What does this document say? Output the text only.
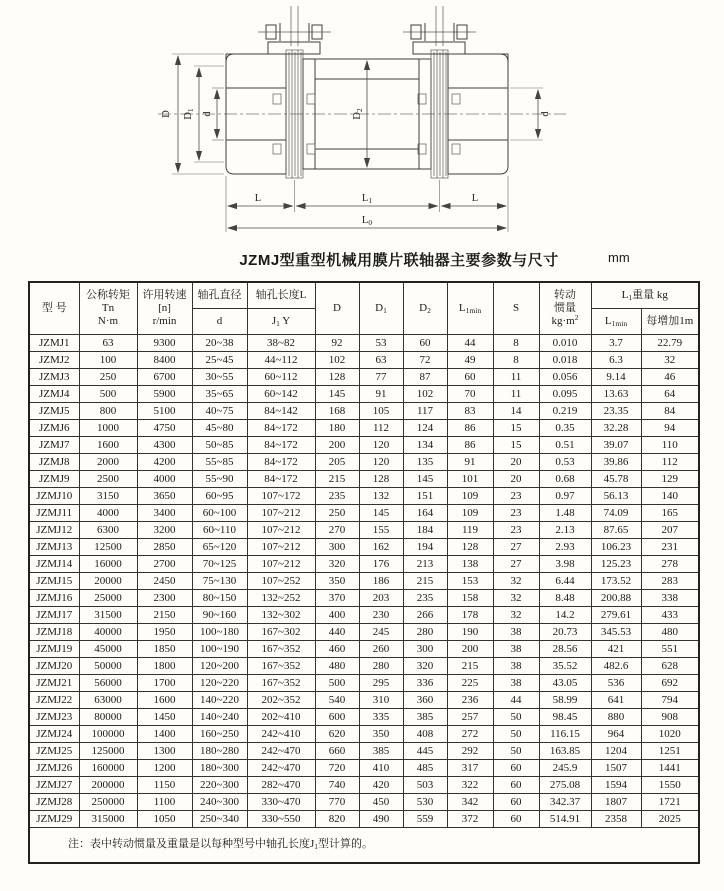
D D1
d	D2
d
L	L1	L
L0
JZMJ型重型机械用膜片联轴器主要参数与尺寸	mm
型 号	公称转矩
Tn
N·m	许用转速
[n]
r/min	轴孔直径	轴孔长度L	D	$D_1$	$D_2$	$L_{1min}$	S	转动
惯量
$kg\cdot m^2$	$L_1$重量 kg	
			d	$J_1$ Y							$L_{1min}$	每增加1m
JZMJ1	63	9300	20~38	38~82	92	53	60	44	8	0.010	3.7	22.79
JZMJ2	100	8400	25~45	44~112	102	63	72	49	8	0.018	6.3	32
JZMJ3	250	6700	30~55	60~112	128	77	87	60	11	0.056	9.14	46
JZMJ4	500	5900	35~65	60~142	145	91	102	70	11	0.095	13.63	64
JZMJ5	800	5100	40~75	84~142	168	105	117	83	14	0.219	23.35	84
JZMJ6	1000	4750	45~80	84~172	180	112	124	86	15	0.35	32.28	94
JZMJ7	1600	4300	50~85	84~172	200	120	134	86	15	0.51	39.07	110
JZMJ8	2000	4200	55~85	84~172	205	120	135	91	20	0.53	39.86	112
JZMJ9	2500	4000	55~90	84~172	215	128	145	101	20	0.68	45.78	129
JZMJ10	3150	3650	60~95	107~172	235	132	151	109	23	0.97	56.13	140
JZMJ11	4000	3400	60~100	107~212	250	145	164	109	23	1.48	74.09	165
JZMJ12	6300	3200	60~110	107~212	270	155	184	119	23	2.13	87.65	207
JZMJ13	12500	2850	65~120	107~212	300	162	194	128	27	2.93	106.23	231
JZMJ14	16000	2700	70~125	107~212	320	176	213	138	27	3.98	125.23	278
JZMJ15	20000	2450	75~130	107~252	350	186	215	153	32	6.44	173.52	283
JZMJ16	25000	2300	80~150	132~252	370	203	235	158	32	8.48	200.88	338
JZMJ17	31500	2150	90~160	132~302	400	230	266	178	32	14.2	279.61	433
JZMJ18	40000	1950	100~180	167~302	440	245	280	190	38	20.73	345.53	480
JZMJ19	45000	1850	100~190	167~352	460	260	300	200	38	28.56	421	551
JZMJ20	50000	1800	120~200	167~352	480	280	320	215	38	35.52	482.6	628
JZMJ21	56000	1700	120~220	167~352	500	295	336	225	38	43.05	536	692
JZMJ22	63000	1600	140~220	202~352	540	310	360	236	44	58.99	641	794
JZMJ23	80000	1450	140~240	202~410	600	335	385	257	50	98.45	880	908
JZMJ24	100000	1400	160~250	242~410	620	350	408	272	50	116.15	964	1020
JZMJ25	125000	1300	180~280	242~470	660	385	445	292	50	163.85	1204	1251
JZMJ26	160000	1200	180~300	242~470	720	410	485	317	60	245.9	1507	1441
JZMJ27	200000	1150	220~300	282~470	740	420	503	322	60	275.08	1594	1550
JZMJ28	250000	1100	240~300	330~470	770	450	530	342	60	342.37	1807	1721
JZMJ29	315000	1050	250~340	330~550	820	490	559	372	60	514.91	2358	2025
注：表中转动惯量及重量是以每种型号中轴孔长度$J_1$型计算的。												
